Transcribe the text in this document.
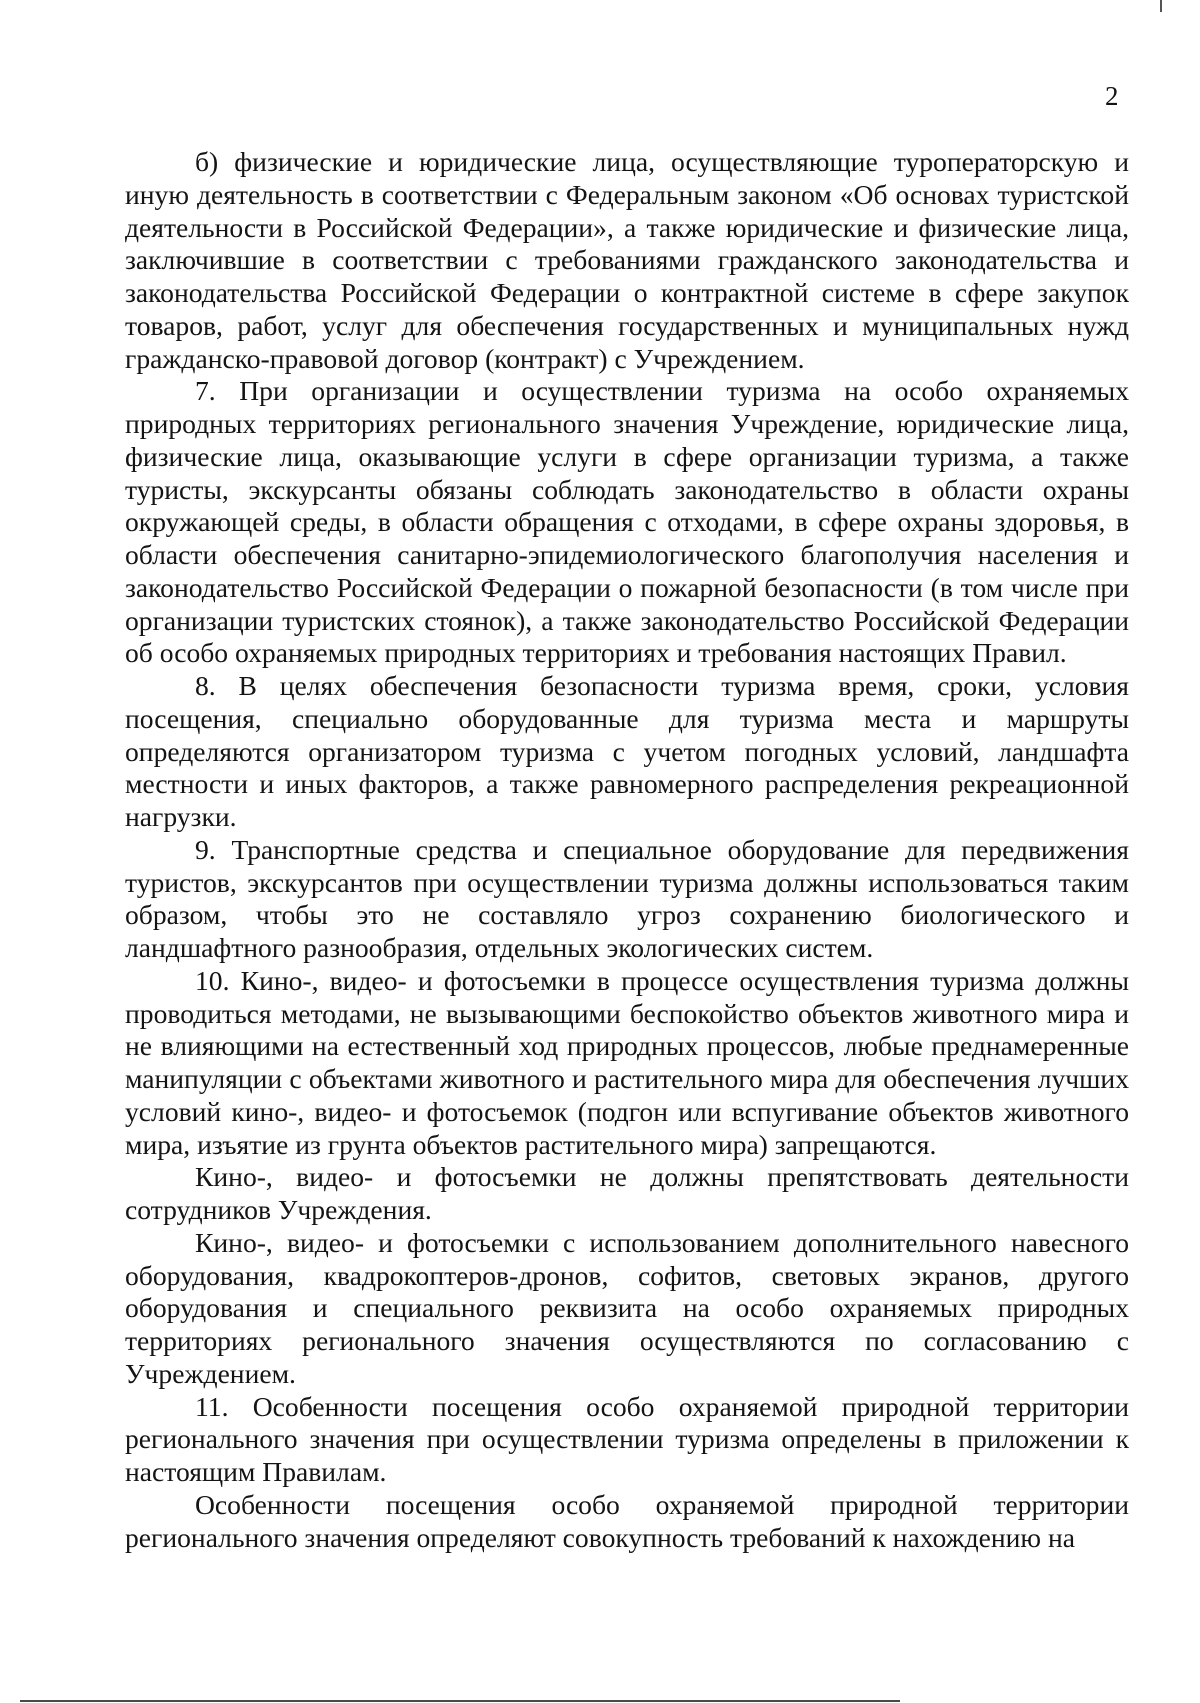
2

б) физические и юридические лица, осуществляющие туроператорскую и иную деятельность в соответствии с Федеральным законом «Об основах туристской деятельности в Российской Федерации», а также юридические и физические лица, заключившие в соответствии с требованиями гражданского законодательства и законодательства Российской Федерации о контрактной системе в сфере закупок товаров, работ, услуг для обеспечения государственных и муниципальных нужд гражданско-правовой договор (контракт) с Учреждением.

7. При организации и осуществлении туризма на особо охраняемых природных территориях регионального значения Учреждение, юридические лица, физические лица, оказывающие услуги в сфере организации туризма, а также туристы, экскурсанты обязаны соблюдать законодательство в области охраны окружающей среды, в области обращения с отходами, в сфере охраны здоровья, в области обеспечения санитарно-эпидемиологического благополучия населения и законодательство Российской Федерации о пожарной безопасности (в том числе при организации туристских стоянок), а также законодательство Российской Федерации об особо охраняемых природных территориях и требования настоящих Правил.

8. В целях обеспечения безопасности туризма время, сроки, условия посещения, специально оборудованные для туризма места и маршруты определяются организатором туризма с учетом погодных условий, ландшафта местности и иных факторов, а также равномерного распределения рекреационной нагрузки.

9. Транспортные средства и специальное оборудование для передвижения туристов, экскурсантов при осуществлении туризма должны использоваться таким образом, чтобы это не составляло угроз сохранению биологического и ландшафтного разнообразия, отдельных экологических систем.

10. Кино-, видео- и фотосъемки в процессе осуществления туризма должны проводиться методами, не вызывающими беспокойство объектов животного мира и не влияющими на естественный ход природных процессов, любые преднамеренные манипуляции с объектами животного и растительного мира для обеспечения лучших условий кино-, видео- и фотосъемок (подгон или вспугивание объектов животного мира, изъятие из грунта объектов растительного мира) запрещаются.

Кино-, видео- и фотосъемки не должны препятствовать деятельности сотрудников Учреждения.

Кино-, видео- и фотосъемки с использованием дополнительного навесного оборудования, квадрокоптеров-дронов, софитов, световых экранов, другого оборудования и специального реквизита на особо охраняемых природных территориях регионального значения осуществляются по согласованию с Учреждением.

11. Особенности посещения особо охраняемой природной территории регионального значения при осуществлении туризма определены в приложении к настоящим Правилам.

Особенности посещения особо охраняемой природной территории регионального значения определяют совокупность требований к нахождению на
